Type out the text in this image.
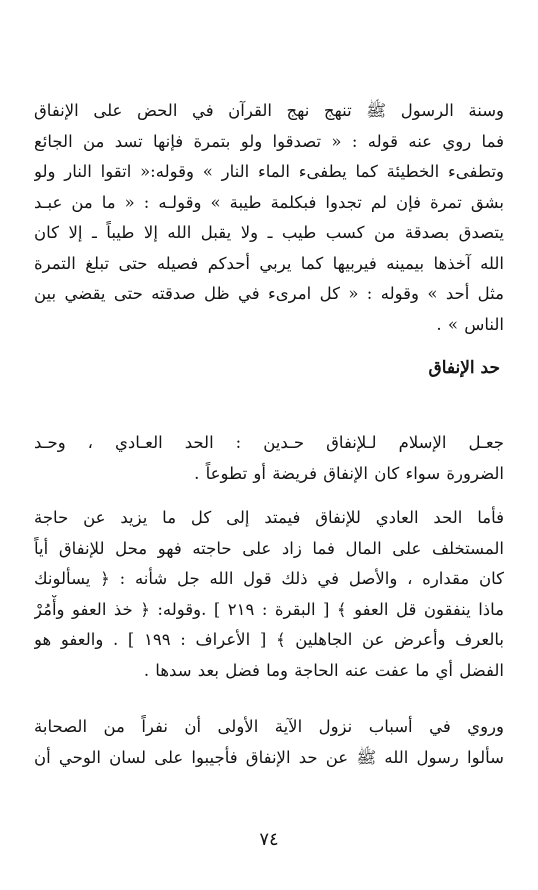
وسنة الرسول ﷺ تنهج نهج القرآن في الحض على الإنفاق
فما روي عنه قوله : « تصدقوا ولو بتمرة فإنها تسد من الجائع
وتطفىء الخطيئة كما يطفىء الماء النار » وقوله:« اتقوا النار ولو
بشق تمرة فإن لم تجدوا فبكلمة طيبة » وقولـه : « ما من عبـد
يتصدق بصدقة من كسب طيب ـ ولا يقبل الله إلا طيباً ـ إلا كان
الله آخذها بيمينه فيربيها كما يربي أحدكم فصيله حتى تبلغ التمرة
مثل أحد » وقوله : « كل امرىء في ظل صدقته حتى يقضي بين
الناس » .
حد الإنفاق
جعـل الإسلام لـلإنفاق حـدين : الحد العـادي ، وحـد
الضرورة سواء كان الإنفاق فريضة أو تطوعاً .
فأما الحد العادي للإنفاق فيمتد إلى كل ما يزيد عن حاجة
المستخلف على المال فما زاد على حاجته فهو محل للإنفاق أياً
كان مقداره ، والأصل في ذلك قول الله جل شأنه : ﴿ يسألونك
ماذا ينفقون قل العفو ﴾ [ البقرة : ٢١٩ ] .وقوله: ﴿ خذ العفو وأْمُرْ
بالعرف وأعرض عن الجاهلين ﴾ [ الأعراف : ١٩٩ ] . والعفو هو
الفضل أي ما عفت عنه الحاجة وما فضل بعد سدها .
وروي في أسباب نزول الآية الأولى أن نفراً من الصحابة
سألوا رسول الله ﷺ عن حد الإنفاق فأجيبوا على لسان الوحي أن
٧٤
